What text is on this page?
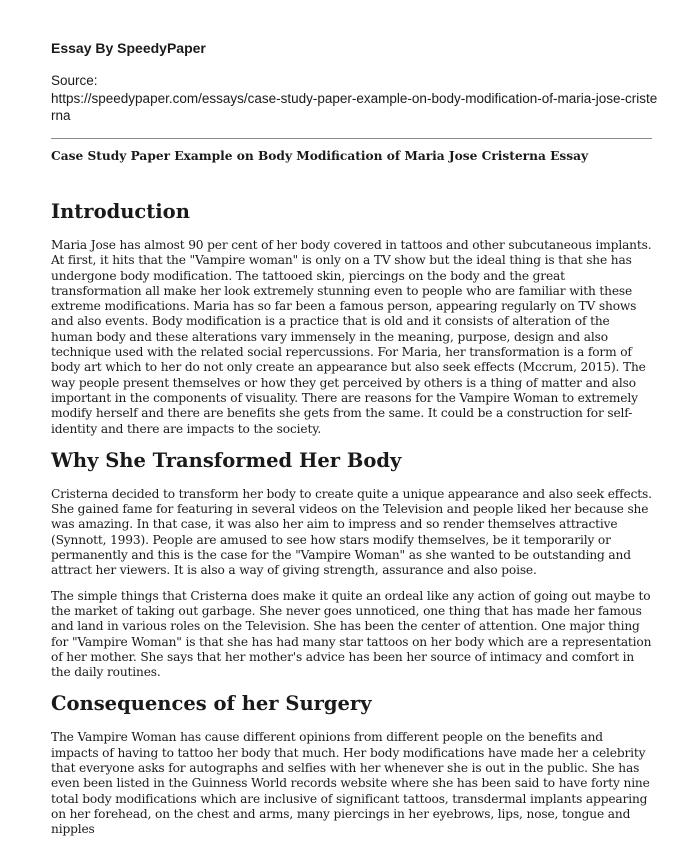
Essay By SpeedyPaper
Source:
https://speedypaper.com/essays/case-study-paper-example-on-body-modification-of-maria-jose-cristerna
Case Study Paper Example on Body Modification of Maria Jose Cristerna Essay
Introduction

Maria Jose has almost 90 per cent of her body covered in tattoos and other subcutaneous implants. At first, it hits that the "Vampire woman" is only on a TV show but the ideal thing is that she has undergone body modification. The tattooed skin, piercings on the body and the great transformation all make her look extremely stunning even to people who are familiar with these extreme modifications. Maria has so far been a famous person, appearing regularly on TV shows and also events. Body modification is a practice that is old and it consists of alteration of the human body and these alterations vary immensely in the meaning, purpose, design and also technique used with the related social repercussions. For Maria, her transformation is a form of body art which to her do not only create an appearance but also seek effects (Mccrum, 2015). The way people present themselves or how they get perceived by others is a thing of matter and also important in the components of visuality. There are reasons for the Vampire Woman to extremely modify herself and there are benefits she gets from the same. It could be a construction for self-identity and there are impacts to the society.

Why She Transformed Her Body

Cristerna decided to transform her body to create quite a unique appearance and also seek effects. She gained fame for featuring in several videos on the Television and people liked her because she was amazing. In that case, it was also her aim to impress and so render themselves attractive (Synnott, 1993). People are amused to see how stars modify themselves, be it temporarily or permanently and this is the case for the "Vampire Woman" as she wanted to be outstanding and attract her viewers. It is also a way of giving strength, assurance and also poise.

The simple things that Cristerna does make it quite an ordeal like any action of going out maybe to the market of taking out garbage. She never goes unnoticed, one thing that has made her famous and land in various roles on the Television. She has been the center of attention. One major thing for "Vampire Woman" is that she has had many star tattoos on her body which are a representation of her mother. She says that her mother's advice has been her source of intimacy and comfort in the daily routines.

Consequences of her Surgery

The Vampire Woman has cause different opinions from different people on the benefits and impacts of having to tattoo her body that much. Her body modifications have made her a celebrity that everyone asks for autographs and selfies with her whenever she is out in the public. She has even been listed in the Guinness World records website where she has been said to have forty nine total body modifications which are inclusive of significant tattoos, transdermal implants appearing on her forehead, on the chest and arms, many piercings in her eyebrows, lips, nose, tongue and nipples
